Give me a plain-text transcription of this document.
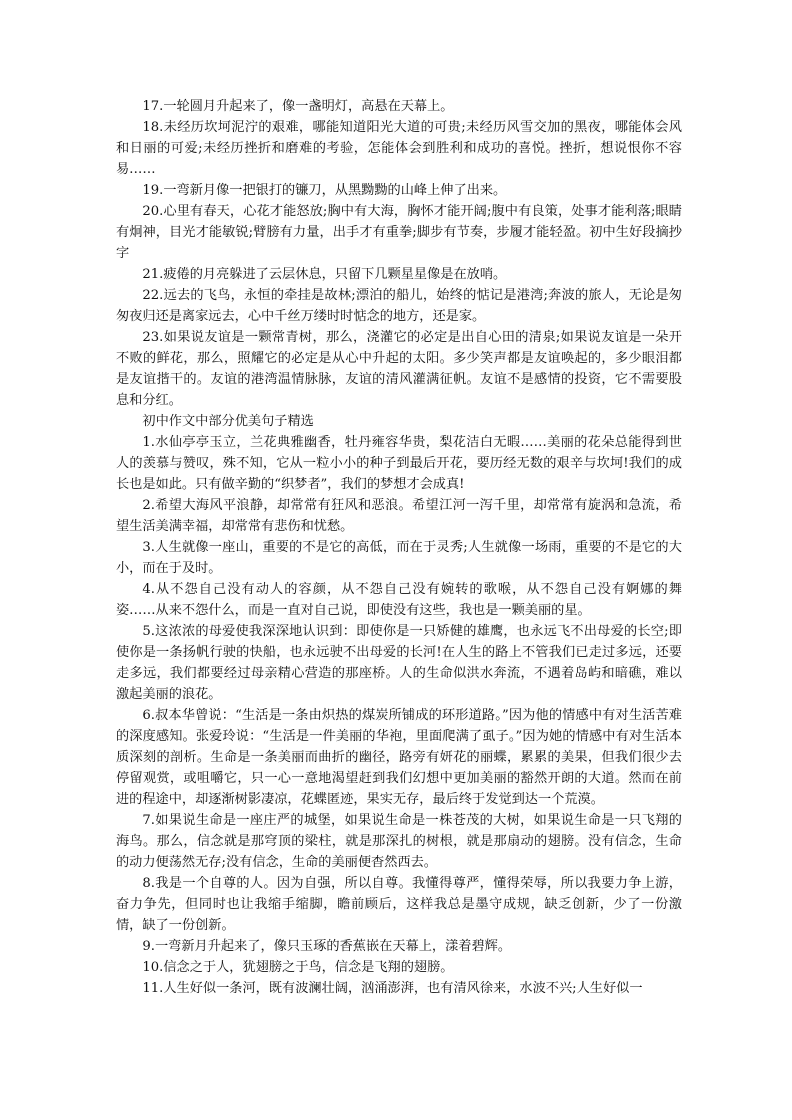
17.一轮圆月升起来了，像一盏明灯，高悬在天幕上。

18.未经历坎坷泥泞的艰难，哪能知道阳光大道的可贵;未经历风雪交加的黑夜，哪能体会风和日丽的可爱;未经历挫折和磨难的考验，怎能体会到胜利和成功的喜悦。挫折，想说恨你不容易……

19.一弯新月像一把银打的镰刀，从黑黝黝的山峰上伸了出来。

20.心里有春天，心花才能怒放;胸中有大海，胸怀才能开阔;腹中有良策，处事才能利落;眼睛有炯神，目光才能敏锐;臂膀有力量，出手才有重拳;脚步有节奏，步履才能轻盈。初中生好段摘抄字

21.疲倦的月亮躲进了云层休息，只留下几颗星星像是在放哨。

22.远去的飞鸟，永恒的牵挂是故林;漂泊的船儿，始终的惦记是港湾;奔波的旅人，无论是匆匆夜归还是离家远去，心中千丝万缕时时惦念的地方，还是家。

23.如果说友谊是一颗常青树，那么，浇灌它的必定是出自心田的清泉;如果说友谊是一朵开不败的鲜花，那么，照耀它的必定是从心中升起的太阳。多少笑声都是友谊唤起的，多少眼泪都是友谊揩干的。友谊的港湾温情脉脉，友谊的清风灌满征帆。友谊不是感情的投资，它不需要股息和分红。

初中作文中部分优美句子精选

1.水仙亭亭玉立，兰花典雅幽香，牡丹雍容华贵，梨花洁白无暇……美丽的花朵总能得到世人的羡慕与赞叹，殊不知，它从一粒小小的种子到最后开花，要历经无数的艰辛与坎坷!我们的成长也是如此。只有做辛勤的“织梦者”，我们的梦想才会成真!

2.希望大海风平浪静，却常常有狂风和恶浪。希望江河一泻千里，却常常有旋涡和急流，希望生活美满幸福，却常常有悲伤和忧愁。

3.人生就像一座山，重要的不是它的高低，而在于灵秀;人生就像一场雨，重要的不是它的大小，而在于及时。

4.从不怨自己没有动人的容颜，从不怨自己没有婉转的歌喉，从不怨自己没有婀娜的舞姿……从来不怨什么，而是一直对自己说，即使没有这些，我也是一颗美丽的星。

5.这浓浓的母爱使我深深地认识到：即使你是一只矫健的雄鹰，也永远飞不出母爱的长空;即使你是一条扬帆行驶的快船，也永远驶不出母爱的长河!在人生的路上不管我们已走过多远，还要走多远，我们都要经过母亲精心营造的那座桥。人的生命似洪水奔流，不遇着岛屿和暗礁，难以激起美丽的浪花。

6.叔本华曾说：“生活是一条由炽热的煤炭所铺成的环形道路。”因为他的情感中有对生活苦难的深度感知。张爱玲说：“生活是一件美丽的华袍，里面爬满了虱子。”因为她的情感中有对生活本质深刻的剖析。生命是一条美丽而曲折的幽径，路旁有妍花的丽蝶，累累的美果，但我们很少去停留观赏，或咀嚼它，只一心一意地渴望赶到我们幻想中更加美丽的豁然开朗的大道。然而在前进的程途中，却逐渐树影凄凉，花蝶匿迹，果实无存，最后终于发觉到达一个荒漠。

7.如果说生命是一座庄严的城堡，如果说生命是一株苍茂的大树，如果说生命是一只飞翔的海鸟。那么，信念就是那穹顶的梁柱，就是那深扎的树根，就是那扇动的翅膀。没有信念，生命的动力便荡然无存;没有信念，生命的美丽便杳然西去。

8.我是一个自尊的人。因为自强，所以自尊。我懂得尊严，懂得荣辱，所以我要力争上游，奋力争先，但同时也让我缩手缩脚，瞻前顾后，这样我总是墨守成规，缺乏创新，少了一份激情，缺了一份创新。

9.一弯新月升起来了，像只玉琢的香蕉嵌在天幕上，漾着碧辉。

10.信念之于人，犹翅膀之于鸟，信念是飞翔的翅膀。

11.人生好似一条河，既有波澜壮阔，汹涌澎湃，也有清风徐来，水波不兴;人生好似一
